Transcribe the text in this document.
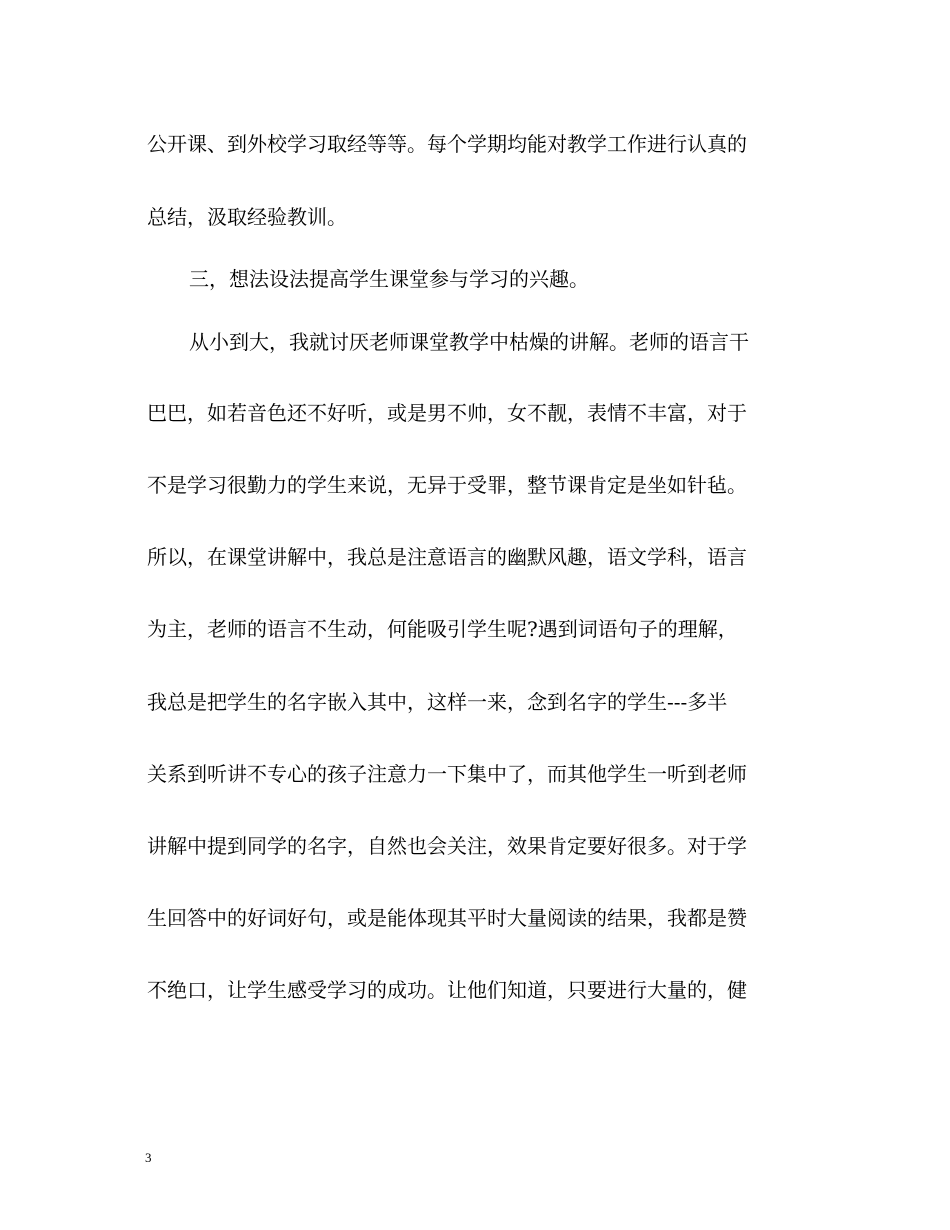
公开课、到外校学习取经等等。每个学期均能对教学工作进行认真的
总结，汲取经验教训。
三，想法设法提高学生课堂参与学习的兴趣。
从小到大，我就讨厌老师课堂教学中枯燥的讲解。老师的语言干
巴巴，如若音色还不好听，或是男不帅，女不靓，表情不丰富，对于
不是学习很勤力的学生来说，无异于受罪，整节课肯定是坐如针毡。
所以，在课堂讲解中，我总是注意语言的幽默风趣，语文学科，语言
为主，老师的语言不生动，何能吸引学生呢?遇到词语句子的理解，
我总是把学生的名字嵌入其中，这样一来，念到名字的学生---多半
关系到听讲不专心的孩子注意力一下集中了，而其他学生一听到老师
讲解中提到同学的名字，自然也会关注，效果肯定要好很多。对于学
生回答中的好词好句，或是能体现其平时大量阅读的结果，我都是赞
不绝口，让学生感受学习的成功。让他们知道，只要进行大量的，健
3
